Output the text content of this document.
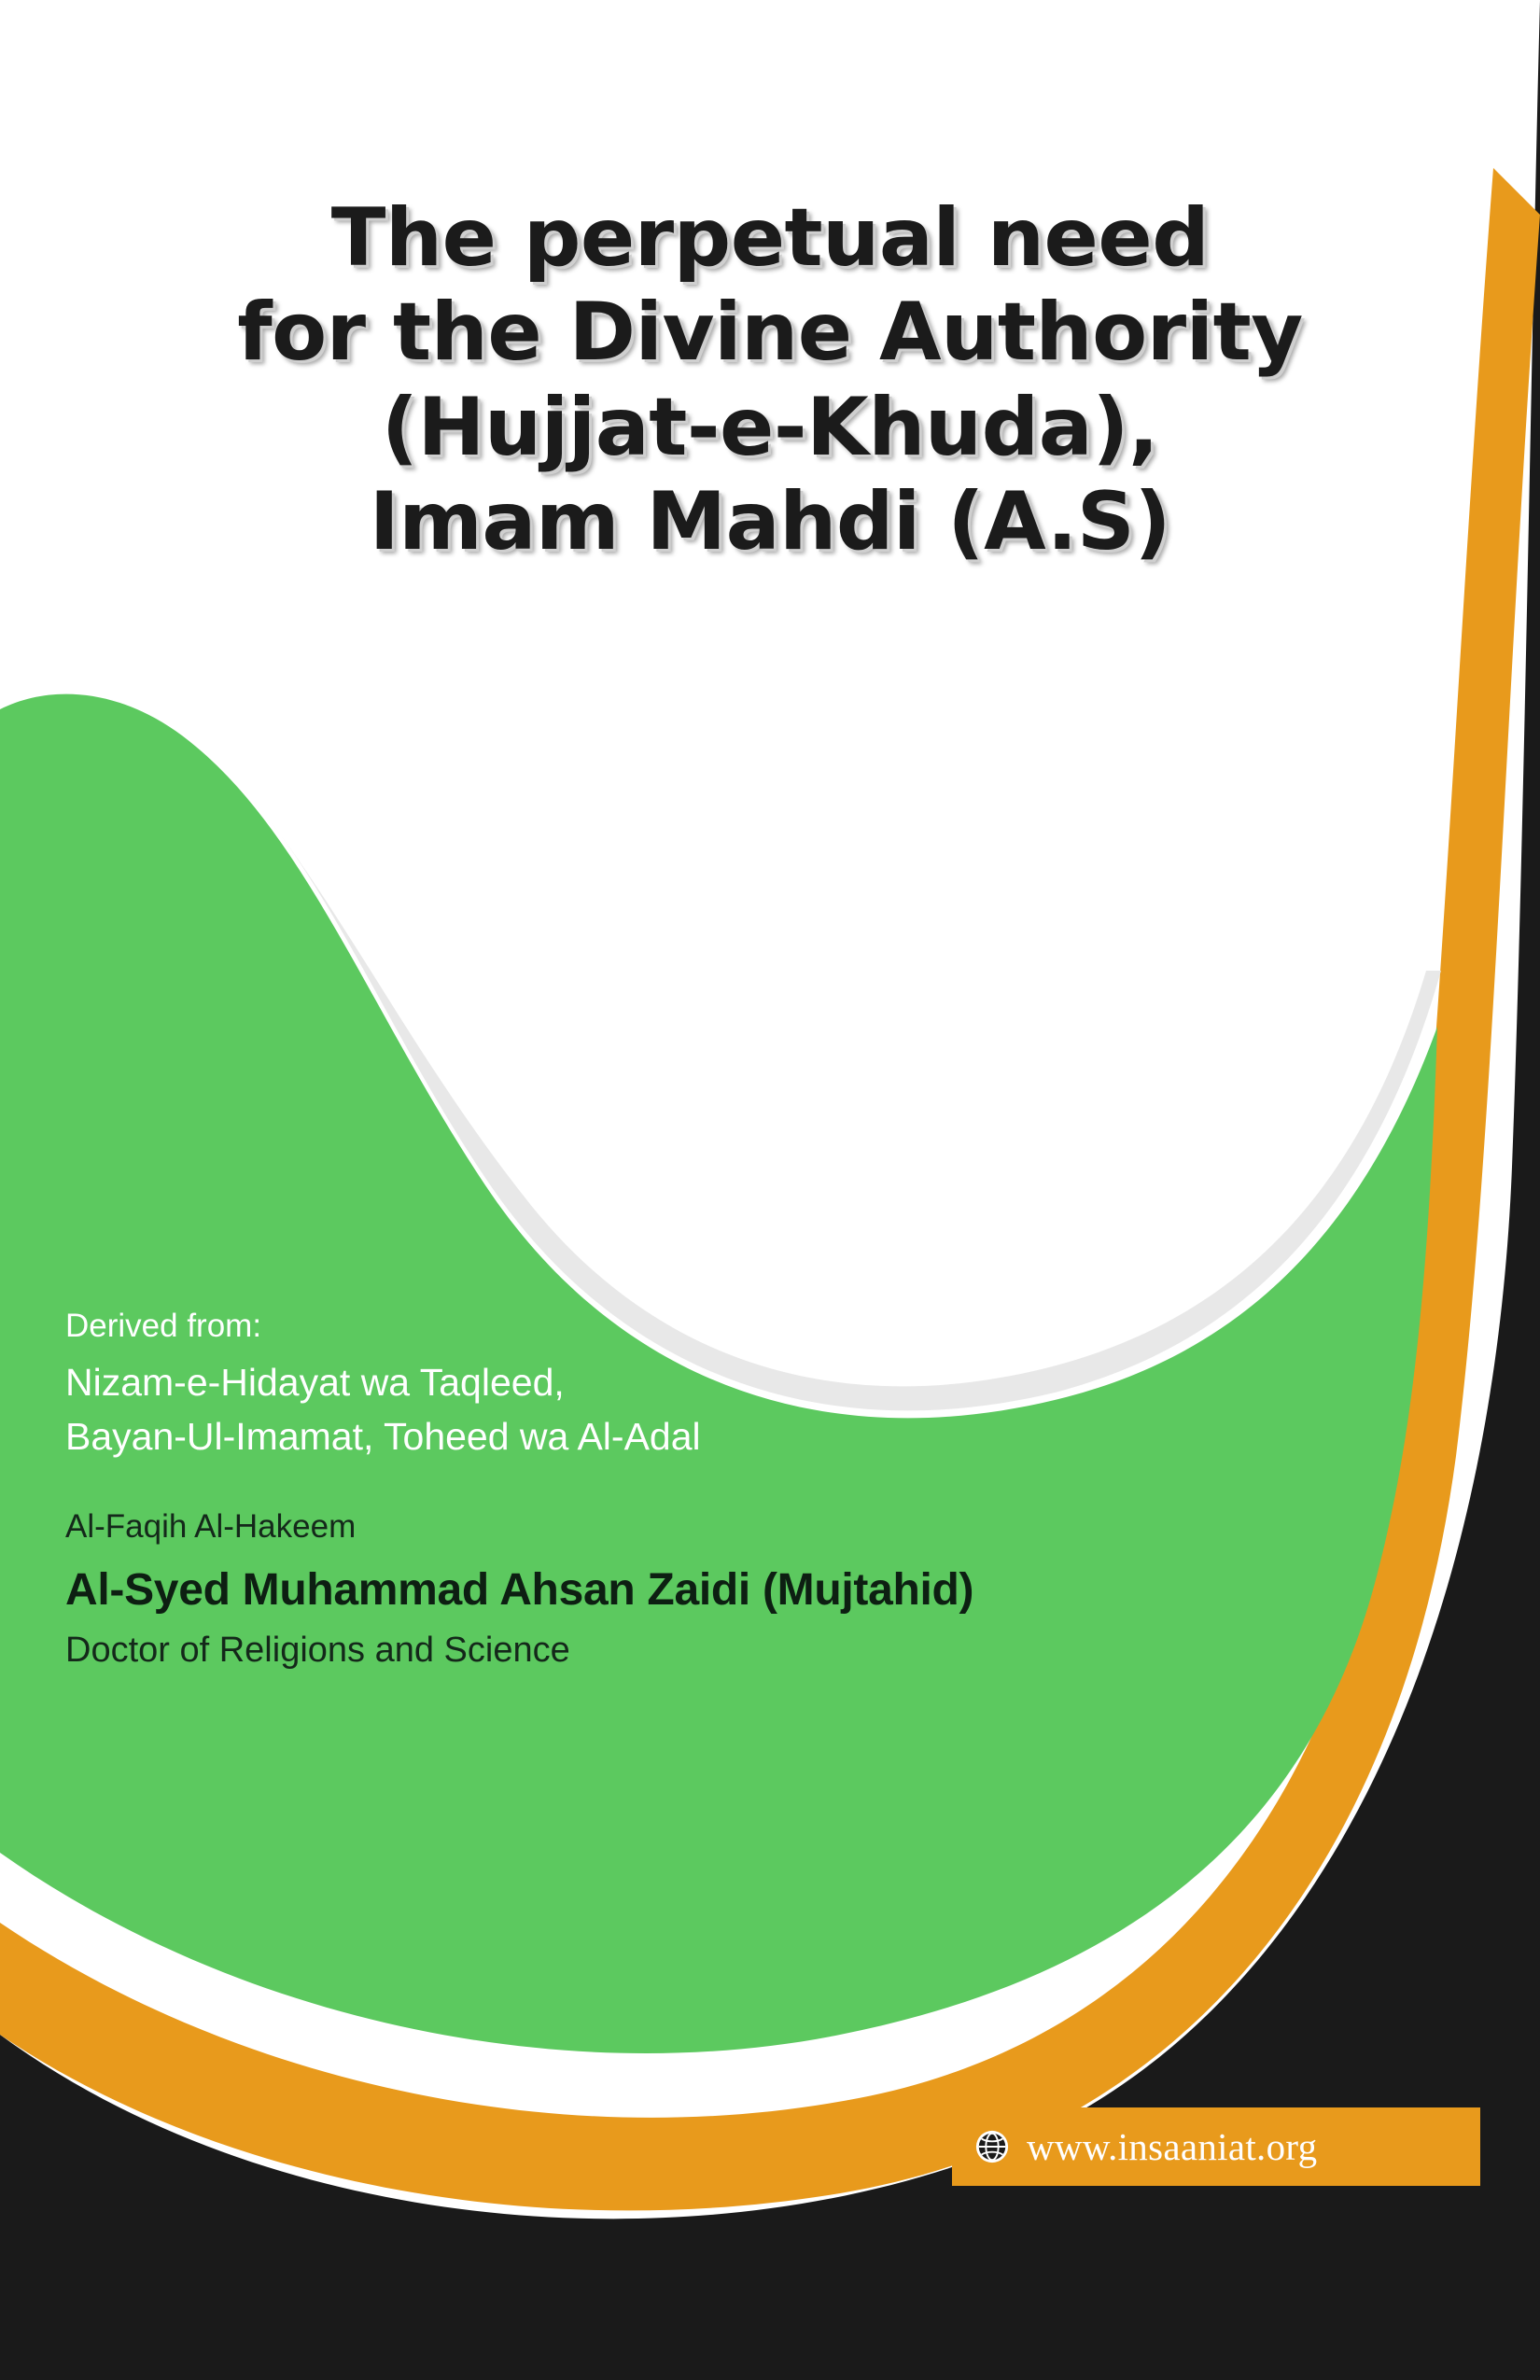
The perpetual need
for the Divine Authority
(Hujjat-e-Khuda),
Imam Mahdi (A.S)
Derived from:
Nizam-e-Hidayat wa Taqleed,
Bayan-Ul-Imamat, Toheed wa Al-Adal
Al-Faqih Al-Hakeem
Al-Syed Muhammad Ahsan Zaidi (Mujtahid)
Doctor of Religions and Science
www.insaaniat.org
